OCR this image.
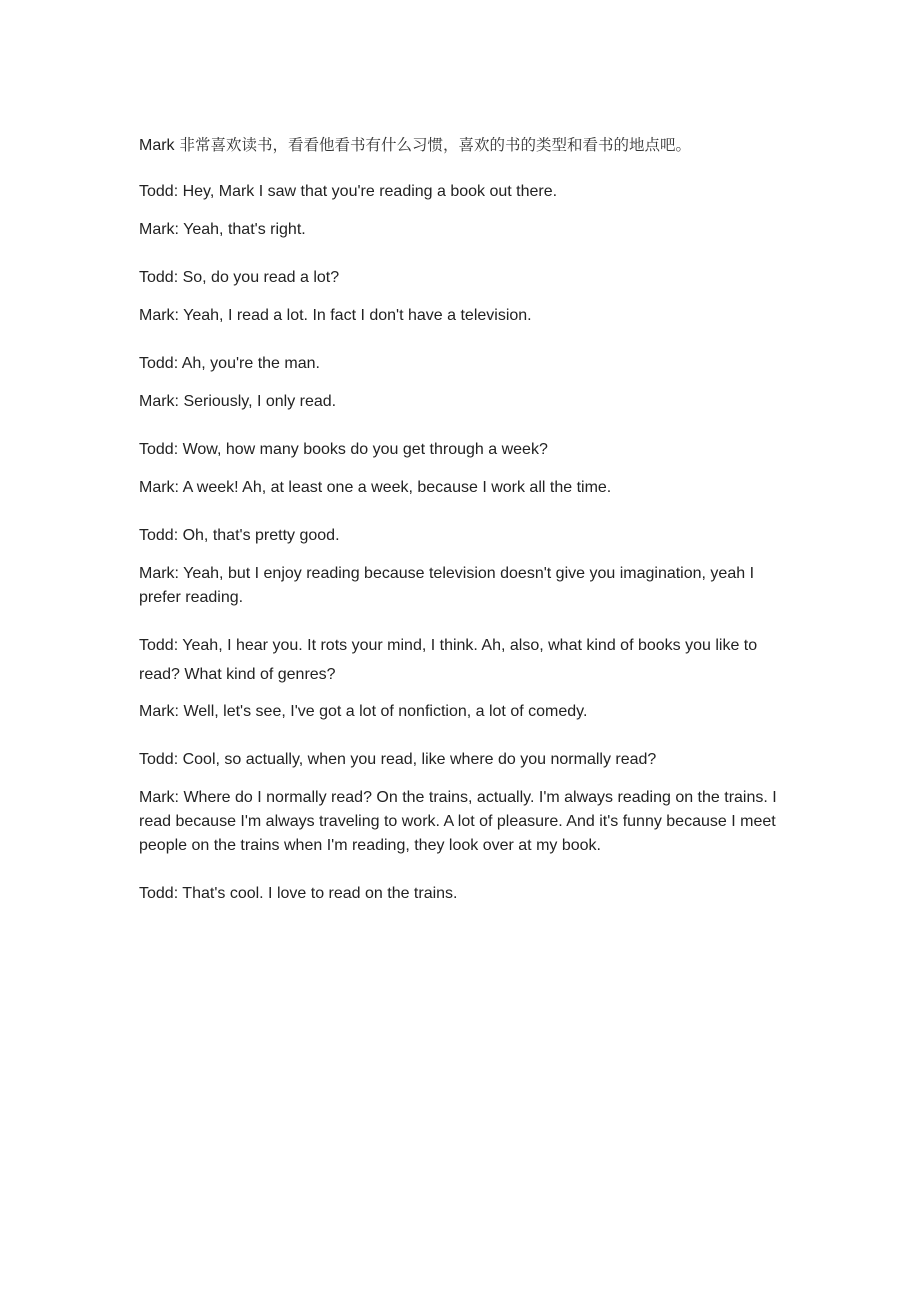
Mark 非常喜欢读书，看看他看书有什么习惯，喜欢的书的类型和看书的地点吧。

Todd: Hey, Mark I saw that you're reading a book out there.

Mark: Yeah, that's right.

Todd: So, do you read a lot?

Mark: Yeah, I read a lot. In fact I don't have a television.

Todd: Ah, you're the man.

Mark: Seriously, I only read.

Todd: Wow, how many books do you get through a week?

Mark: A week! Ah, at least one a week, because I work all the time.

Todd: Oh, that's pretty good.

Mark: Yeah, but I enjoy reading because television doesn't give you imagination, yeah I prefer reading.

Todd: Yeah, I hear you. It rots your mind, I think. Ah, also, what kind of books you like to read? What kind of genres?

Mark: Well, let's see, I've got a lot of nonfiction, a lot of comedy.

Todd: Cool, so actually, when you read, like where do you normally read?

Mark: Where do I normally read? On the trains, actually. I'm always reading on the trains. I read because I'm always traveling to work. A lot of pleasure. And it's funny because I meet people on the trains when I'm reading, they look over at my book.

Todd: That's cool. I love to read on the trains.
